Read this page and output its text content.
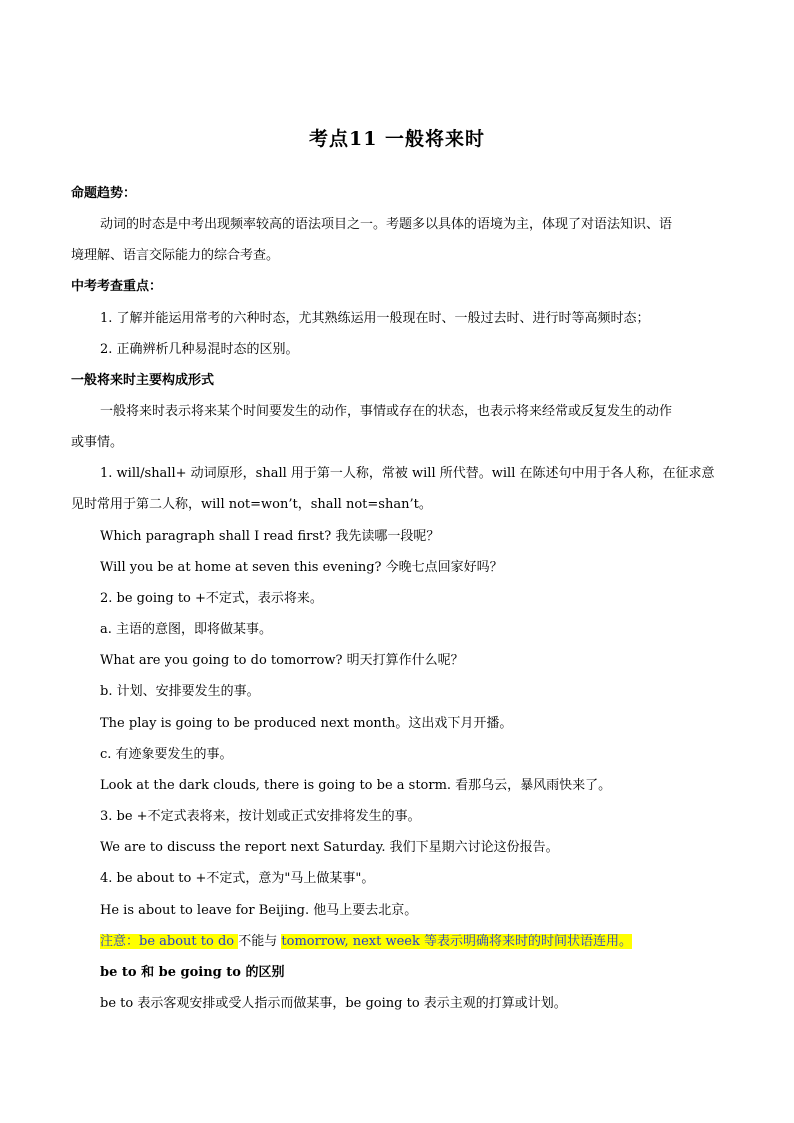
考点11 一般将来时
命题趋势：
动词的时态是中考出现频率较高的语法项目之一。考题多以具体的语境为主，体现了对语法知识、语
境理解、语言交际能力的综合考查。
中考考查重点：
1. 了解并能运用常考的六种时态，尤其熟练运用一般现在时、一般过去时、进行时等高频时态；
2. 正确辨析几种易混时态的区别。
一般将来时主要构成形式
一般将来时表示将来某个时间要发生的动作，事情或存在的状态，也表示将来经常或反复发生的动作
或事情。
1. will/shall+ 动词原形，shall 用于第一人称，常被 will 所代替。will 在陈述句中用于各人称，在征求意
见时常用于第二人称，will not=won’t，shall not=shan’t。
Which paragraph shall I read first? 我先读哪一段呢？
Will you be at home at seven this evening? 今晚七点回家好吗？
2. be going to +不定式，表示将来。
a. 主语的意图，即将做某事。
What are you going to do tomorrow? 明天打算作什么呢？
b. 计划、安排要发生的事。
The play is going to be produced next month。这出戏下月开播。
c. 有迹象要发生的事。
Look at the dark clouds, there is going to be a storm. 看那乌云，暴风雨快来了。
3. be +不定式表将来，按计划或正式安排将发生的事。
We are to discuss the report next Saturday. 我们下星期六讨论这份报告。
4. be about to +不定式，意为"马上做某事"。
He is about to leave for Beijing. 他马上要去北京。
注意：be about to do 不能与 tomorrow, next week 等表示明确将来时的时间状语连用。
be to 和 be going to 的区别
be to 表示客观安排或受人指示而做某事，be going to 表示主观的打算或计划。
